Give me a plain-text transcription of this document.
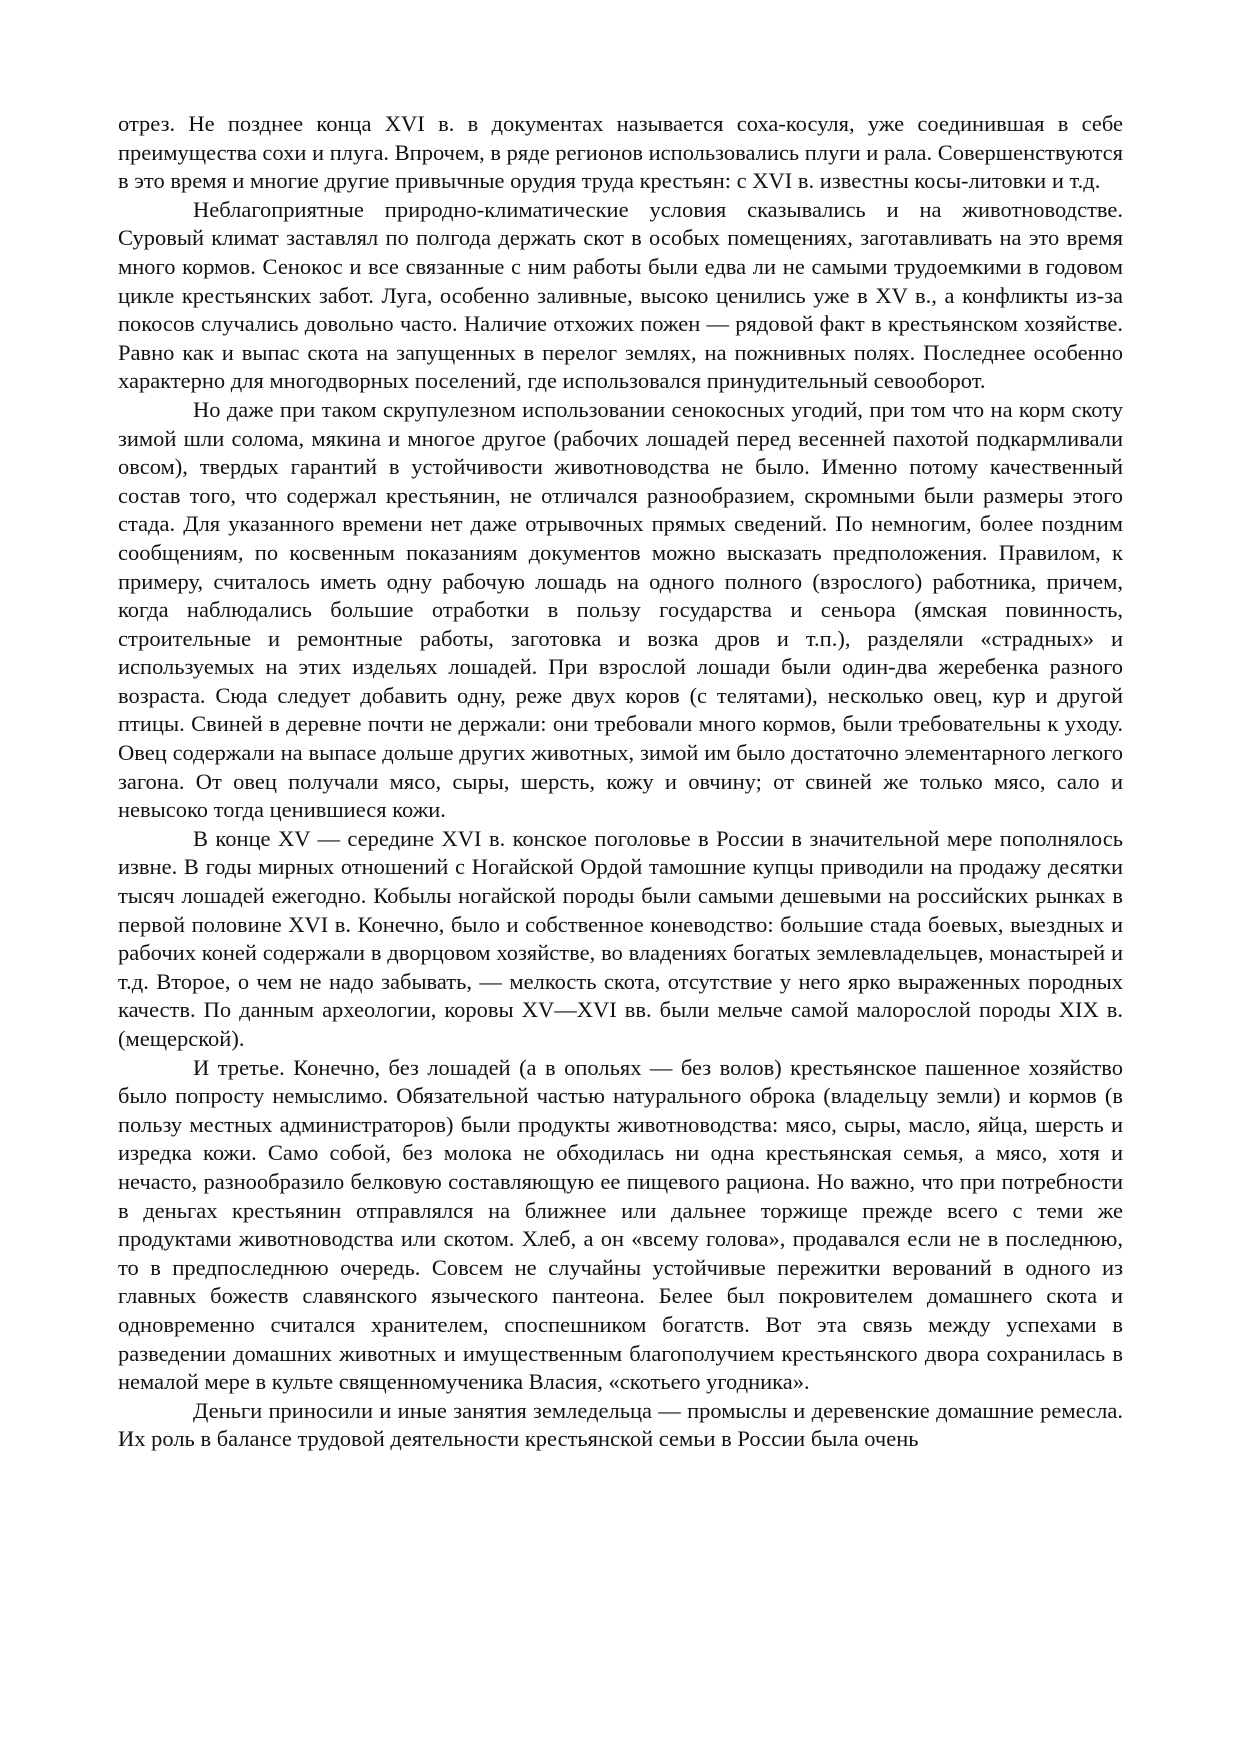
отрез. Не позднее конца XVI в. в документах называется соха-косуля, уже соединившая в себе преимущества сохи и плуга. Впрочем, в ряде регионов использовались плуги и рала. Совершенствуются в это время и многие другие привычные орудия труда крестьян: с XVI в. известны косы-литовки и т.д.

Неблагоприятные природно-климатические условия сказывались и на животноводстве. Суровый климат заставлял по полгода держать скот в особых помещениях, заготавливать на это время много кормов. Сенокос и все связанные с ним работы были едва ли не самыми трудоемкими в годовом цикле крестьянских забот. Луга, особенно заливные, высоко ценились уже в XV в., а конфликты из-за покосов случались довольно часто. Наличие отхожих пожен — рядовой факт в крестьянском хозяйстве. Равно как и выпас скота на запущенных в перелог землях, на пожнивных полях. Последнее особенно характерно для многодворных поселений, где использовался принудительный севооборот.

Но даже при таком скрупулезном использовании сенокосных угодий, при том что на корм скоту зимой шли солома, мякина и многое другое (рабочих лошадей перед весенней пахотой подкармливали овсом), твердых гарантий в устойчивости животноводства не было. Именно потому качественный состав того, что содержал крестьянин, не отличался разнообразием, скромными были размеры этого стада. Для указанного времени нет даже отрывочных прямых сведений. По немногим, более поздним сообщениям, по косвенным показаниям документов можно высказать предположения. Правилом, к примеру, считалось иметь одну рабочую лошадь на одного полного (взрослого) работника, причем, когда наблюдались большие отработки в пользу государства и сеньора (ямская повинность, строительные и ремонтные работы, заготовка и возка дров и т.п.), разделяли «страдных» и используемых на этих издельях лошадей. При взрослой лошади были один-два жеребенка разного возраста. Сюда следует добавить одну, реже двух коров (с телятами), несколько овец, кур и другой птицы. Свиней в деревне почти не держали: они требовали много кормов, были требовательны к уходу. Овец содержали на выпасе дольше других животных, зимой им было достаточно элементарного легкого загона. От овец получали мясо, сыры, шерсть, кожу и овчину; от свиней же только мясо, сало и невысоко тогда ценившиеся кожи.

В конце XV — середине XVI в. конское поголовье в России в значительной мере пополнялось извне. В годы мирных отношений с Ногайской Ордой тамошние купцы приводили на продажу десятки тысяч лошадей ежегодно. Кобылы ногайской породы были самыми дешевыми на российских рынках в первой половине XVI в. Конечно, было и собственное коневодство: большие стада боевых, выездных и рабочих коней содержали в дворцовом хозяйстве, во владениях богатых землевладельцев, монастырей и т.д. Второе, о чем не надо забывать, — мелкость скота, отсутствие у него ярко выраженных породных качеств. По данным археологии, коровы XV—XVI вв. были мельче самой малорослой породы XIX в. (мещерской).

И третье. Конечно, без лошадей (а в опольях — без волов) крестьянское пашенное хозяйство было попросту немыслимо. Обязательной частью натурального оброка (владельцу земли) и кормов (в пользу местных администраторов) были продукты животноводства: мясо, сыры, масло, яйца, шерсть и изредка кожи. Само собой, без молока не обходилась ни одна крестьянская семья, а мясо, хотя и нечасто, разнообразило белковую составляющую ее пищевого рациона. Но важно, что при потребности в деньгах крестьянин отправлялся на ближнее или дальнее торжище прежде всего с теми же продуктами животноводства или скотом. Хлеб, а он «всему голова», продавался если не в последнюю, то в предпоследнюю очередь. Совсем не случайны устойчивые пережитки верований в одного из главных божеств славянского языческого пантеона. Белее был покровителем домашнего скота и одновременно считался хранителем, споспешником богатств. Вот эта связь между успехами в разведении домашних животных и имущественным благополучием крестьянского двора сохранилась в немалой мере в культе священномученика Власия, «скотьего угодника».

Деньги приносили и иные занятия земледельца — промыслы и деревенские домашние ремесла. Их роль в балансе трудовой деятельности крестьянской семьи в России была очень
